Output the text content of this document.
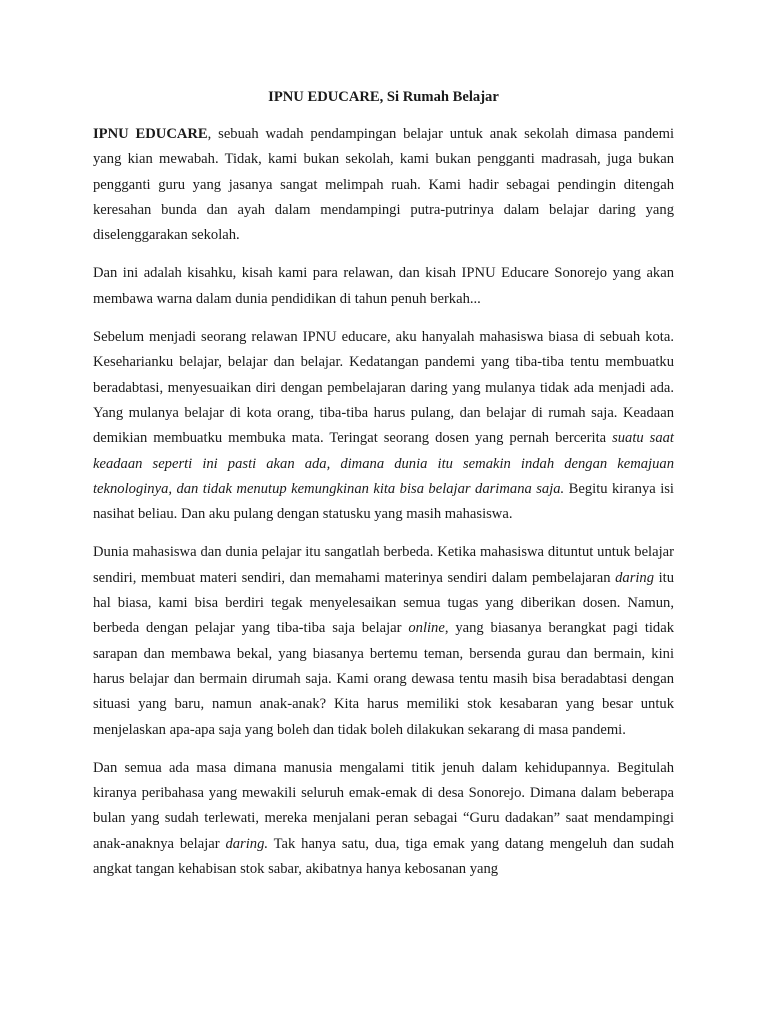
IPNU EDUCARE, Si Rumah Belajar

IPNU EDUCARE, sebuah wadah pendampingan belajar untuk anak sekolah dimasa pandemi yang kian mewabah. Tidak, kami bukan sekolah, kami bukan pengganti madrasah, juga bukan pengganti guru yang jasanya sangat melimpah ruah. Kami hadir sebagai pendingin ditengah keresahan bunda dan ayah dalam mendampingi putra-putrinya dalam belajar daring yang diselenggarakan sekolah.

Dan ini adalah kisahku, kisah kami para relawan, dan kisah IPNU Educare Sonorejo yang akan membawa warna dalam dunia pendidikan di tahun penuh berkah...

Sebelum menjadi seorang relawan IPNU educare, aku hanyalah mahasiswa biasa di sebuah kota. Keseharianku belajar, belajar dan belajar. Kedatangan pandemi yang tiba-tiba tentu membuatku beradabtasi, menyesuaikan diri dengan pembelajaran daring yang mulanya tidak ada menjadi ada. Yang mulanya belajar di kota orang, tiba-tiba harus pulang, dan belajar di rumah saja. Keadaan demikian membuatku membuka mata. Teringat seorang dosen yang pernah bercerita suatu saat keadaan seperti ini pasti akan ada, dimana dunia itu semakin indah dengan kemajuan teknologinya, dan tidak menutup kemungkinan kita bisa belajar darimana saja. Begitu kiranya isi nasihat beliau. Dan aku pulang dengan statusku yang masih mahasiswa.

Dunia mahasiswa dan dunia pelajar itu sangatlah berbeda. Ketika mahasiswa dituntut untuk belajar sendiri, membuat materi sendiri, dan memahami materinya sendiri dalam pembelajaran daring itu hal biasa, kami bisa berdiri tegak menyelesaikan semua tugas yang diberikan dosen. Namun, berbeda dengan pelajar yang tiba-tiba saja belajar online, yang biasanya berangkat pagi tidak sarapan dan membawa bekal, yang biasanya bertemu teman, bersenda gurau dan bermain, kini harus belajar dan bermain dirumah saja. Kami orang dewasa tentu masih bisa beradabtasi dengan situasi yang baru, namun anak-anak? Kita harus memiliki stok kesabaran yang besar untuk menjelaskan apa-apa saja yang boleh dan tidak boleh dilakukan sekarang di masa pandemi.

Dan semua ada masa dimana manusia mengalami titik jenuh dalam kehidupannya. Begitulah kiranya peribahasa yang mewakili seluruh emak-emak di desa Sonorejo. Dimana dalam beberapa bulan yang sudah terlewati, mereka menjalani peran sebagai “Guru dadakan” saat mendampingi anak-anaknya belajar daring. Tak hanya satu, dua, tiga emak yang datang mengeluh dan sudah angkat tangan kehabisan stok sabar, akibatnya hanya kebosanan yang
